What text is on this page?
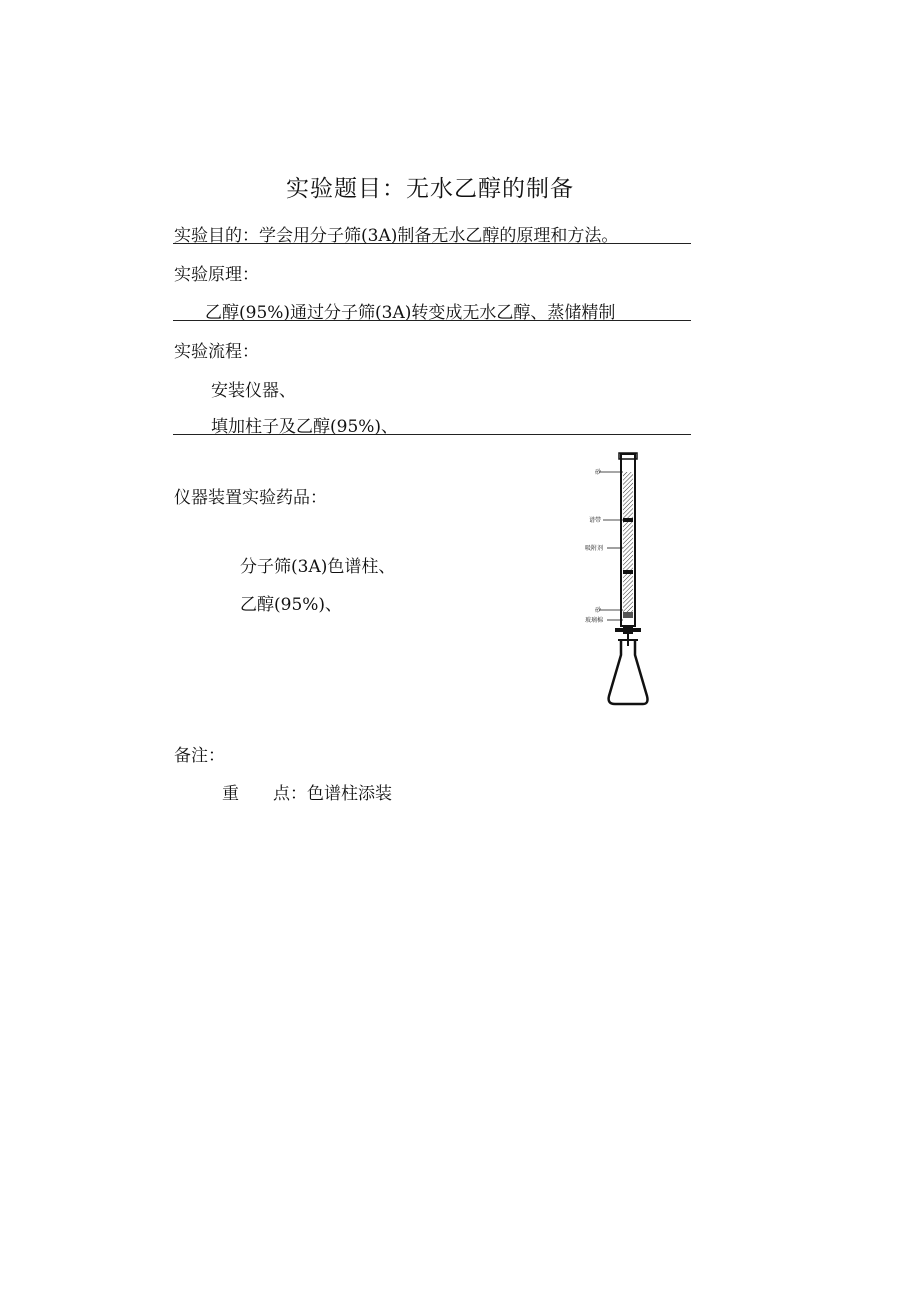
实验题目：无水乙醇的制备
实验目的：学会用分子筛(3A)制备无水乙醇的原理和方法。
实验原理：
乙醇(95%)通过分子筛(3A)转变成无水乙醇、蒸储精制
实验流程：
安装仪器、
填加柱子及乙醇(95%)、
仪器装置实验药品：
分子筛(3A)色谱柱、
乙醇(95%)、
砂
谱带
吸附剂
砂
玻璃棉
备注：
重　　点：色谱柱添装
